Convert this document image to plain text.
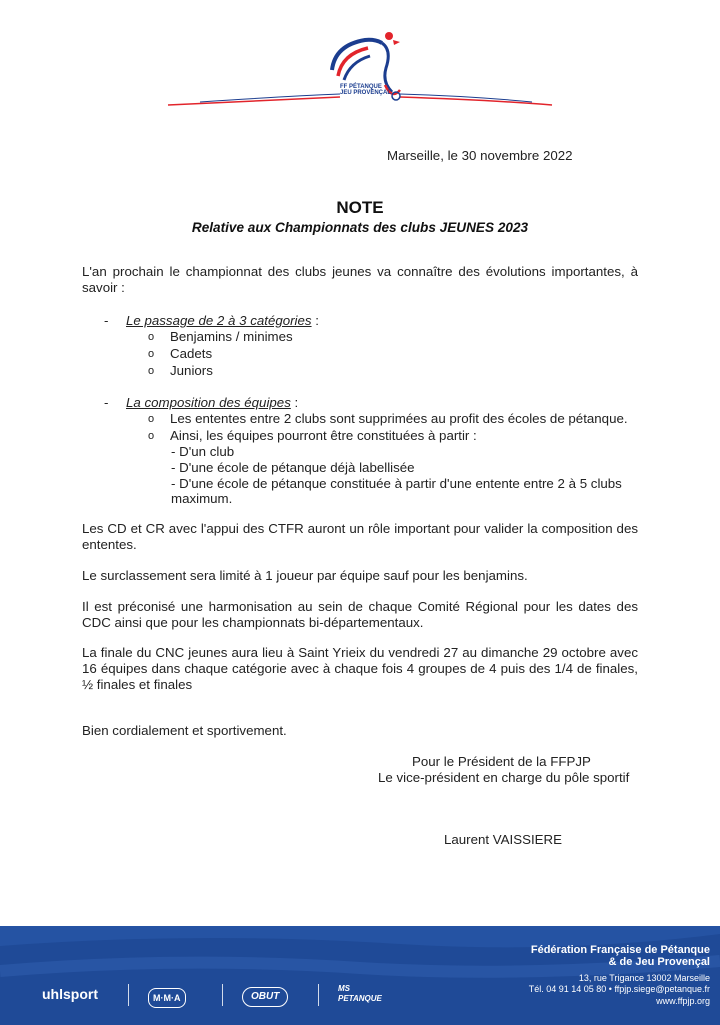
FF PÉTANQUE
JEU PROVENÇAL
Marseille, le 30 novembre 2022
NOTE
Relative aux Championnats des clubs JEUNES 2023
L'an prochain le championnat des clubs jeunes va connaître des évolutions importantes, à savoir :
- Le passage de 2 à 3 catégories :
o Benjamins / minimes
o Cadets
o Juniors
- La composition des équipes :
o Les ententes entre 2 clubs sont supprimées au profit des écoles de pétanque.
o Ainsi, les équipes pourront être constituées à partir :
- D'un club
- D'une école de pétanque déjà labellisée
- D'une école de pétanque constituée à partir d'une entente entre 2 à 5 clubs
maximum.
Les CD et CR avec l'appui des CTFR auront un rôle important pour valider la composition des ententes.
Le surclassement sera limité à 1 joueur par équipe sauf pour les benjamins.
Il est préconisé une harmonisation au sein de chaque Comité Régional pour les dates des CDC ainsi que pour les championnats bi-départementaux.
La finale du CNC jeunes aura lieu à Saint Yrieix du vendredi 27 au dimanche 29 octobre avec 16 équipes dans chaque catégorie avec à chaque fois 4 groupes de 4 puis des 1/4 de finales, ½ finales et finales
Bien cordialement et sportivement.
Pour le Président de la FFPJP
Le vice-président en charge du pôle sportif
Laurent VAISSIERE
Fédération Française de Pétanque
& de Jeu Provençal
13, rue Trigance 13002 Marseille
Tél. 04 91 14 05 80 • ffpjp.siege@petanque.fr
www.ffpjp.org
uhlsport	M·M·A	OBUT
MS PETANQUE
